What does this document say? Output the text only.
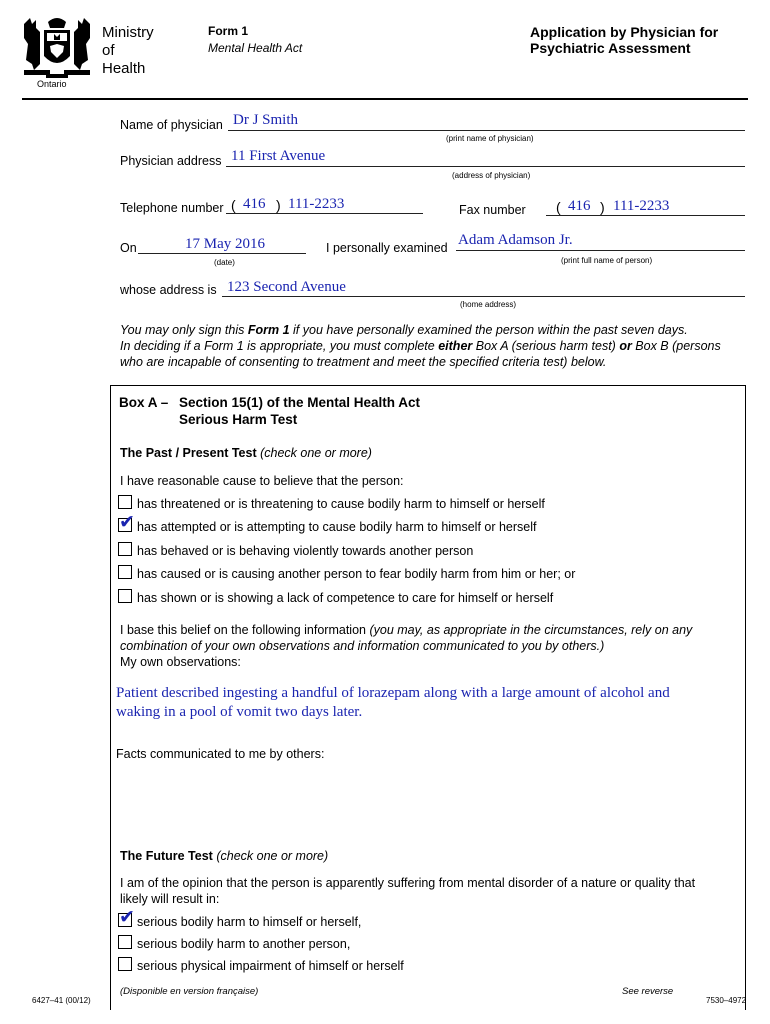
Ontario
Ministry
of
Health
Form 1
Mental Health Act
Application by Physician for
Psychiatric Assessment
Name of physician Dr J Smith
(print name of physician)
Physician address 11 First Avenue
(address of physician)
Telephone number ( 416 ) 111-2233	Fax number ( 416 ) 111-2233
On	17 May 2016
(date)
I personally examined Adam Adamson Jr.
(print full name of person)
whose address is 123 Second Avenue
(home address)
You may only sign this Form 1 if you have personally examined the person within the past seven days.
In deciding if a Form 1 is appropriate, you must complete either Box A (serious harm test) or Box B (persons
who are incapable of consenting to treatment and meet the specified criteria test) below.
Box A – Section 15(1) of the Mental Health Act
Serious Harm Test
The Past / Present Test (check one or more)
I have reasonable cause to believe that the person:
has threatened or is threatening to cause bodily harm to himself or herself
✔ has attempted or is attempting to cause bodily harm to himself or herself
has behaved or is behaving violently towards another person
has caused or is causing another person to fear bodily harm from him or her; or
has shown or is showing a lack of competence to care for himself or herself
I base this belief on the following information (you may, as appropriate in the circumstances, rely on any
combination of your own observations and information communicated to you by others.)
My own observations:
Patient described ingesting a handful of lorazepam along with a large amount of alcohol and
waking in a pool of vomit two days later.
Facts communicated to me by others:
The Future Test (check one or more)
I am of the opinion that the person is apparently suffering from mental disorder of a nature or quality that
likely will result in:
✔ serious bodily harm to himself or herself,
serious bodily harm to another person,
serious physical impairment of himself or herself
6427–41 (00/12)
(Disponible en version française)	See reverse
7530–4972
